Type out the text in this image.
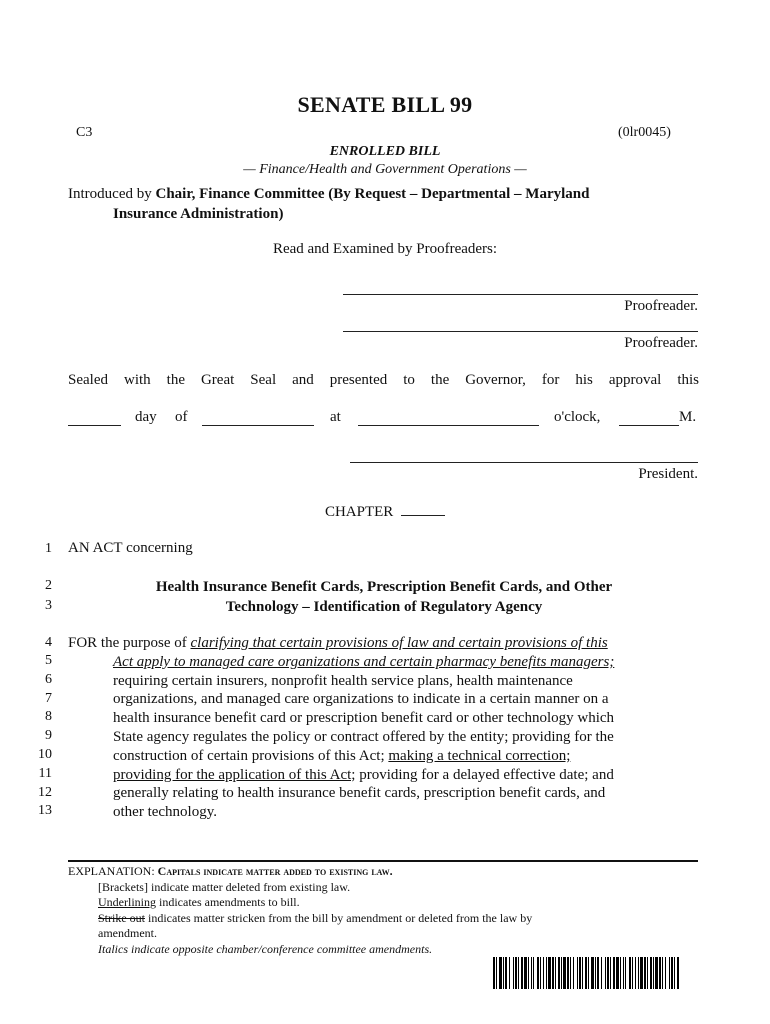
SENATE BILL 99
C3	(0lr0045)
ENROLLED BILL
— Finance/Health and Government Operations —
Introduced by Chair, Finance Committee (By Request – Departmental – Maryland
Insurance Administration)
Read and Examined by Proofreaders:
Proofreader.
Proofreader.
Sealed with the Great Seal and presented to the Governor, for his approval this
day of	at	o'clock,	M.
President.
CHAPTER
1
2
3
4
5
6
7
8
9
10
11
12
13
AN ACT concerning
Health Insurance Benefit Cards, Prescription Benefit Cards, and Other
Technology – Identification of Regulatory Agency
FOR the purpose of clarifying that certain provisions of law and certain provisions of this
Act apply to managed care organizations and certain pharmacy benefits managers;
requiring certain insurers, nonprofit health service plans, health maintenance
organizations, and managed care organizations to indicate in a certain manner on a
health insurance benefit card or prescription benefit card or other technology which
State agency regulates the policy or contract offered by the entity; providing for the
construction of certain provisions of this Act; making a technical correction;
providing for the application of this Act; providing for a delayed effective date; and
generally relating to health insurance benefit cards, prescription benefit cards, and
other technology.
EXPLANATION: Capitals indicate matter added to existing law.
[Brackets] indicate matter deleted from existing law.
Underlining indicates amendments to bill.
Strike out indicates matter stricken from the bill by amendment or deleted from the law by
amendment.
Italics indicate opposite chamber/conference committee amendments.
